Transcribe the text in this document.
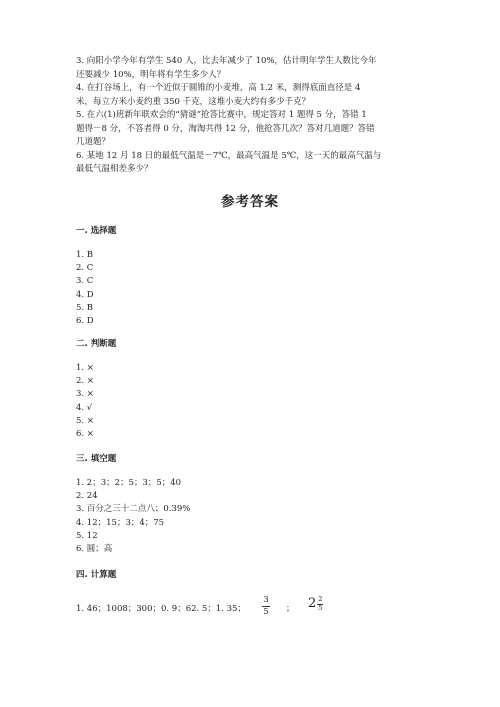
3. 向阳小学今年有学生 540 人，比去年减少了 10%，估计明年学生人数比今年
还要减少 10%，明年将有学生多少人？
4. 在打谷场上，有一个近似于圆锥的小麦堆，高 1.2 米，测得底面直径是 4
米，每立方米小麦约重 350 千克，这堆小麦大约有多少千克？
5. 在六(1)班新年联欢会的“猜谜”抢答比赛中，规定答对 1 题得 5 分，答错 1
题得－8 分，不答者得 0 分，淘淘共得 12 分，他抢答几次？答对几道题？答错
几道题？
6. 某地 12 月 18 日的最低气温是－7℃，最高气温是 5℃，这一天的最高气温与
最低气温相差多少？
参考答案
一. 选择题
1. B
2. C
3. C
4. D
5. B
6. D
二. 判断题
1. ×
2. ×
3. ×
4. √
5. ×
6. ×
三. 填空题
1. 2；3；2；5；3；5；40
2. 24
3. 百分之三十二点八；0.39%
4. 12；15；3；4；75
5. 12
6. 圆；高
四. 计算题
1. 46；1008；300；0. 9；62. 5；1. 35；
3
5 ； 2 2
5
